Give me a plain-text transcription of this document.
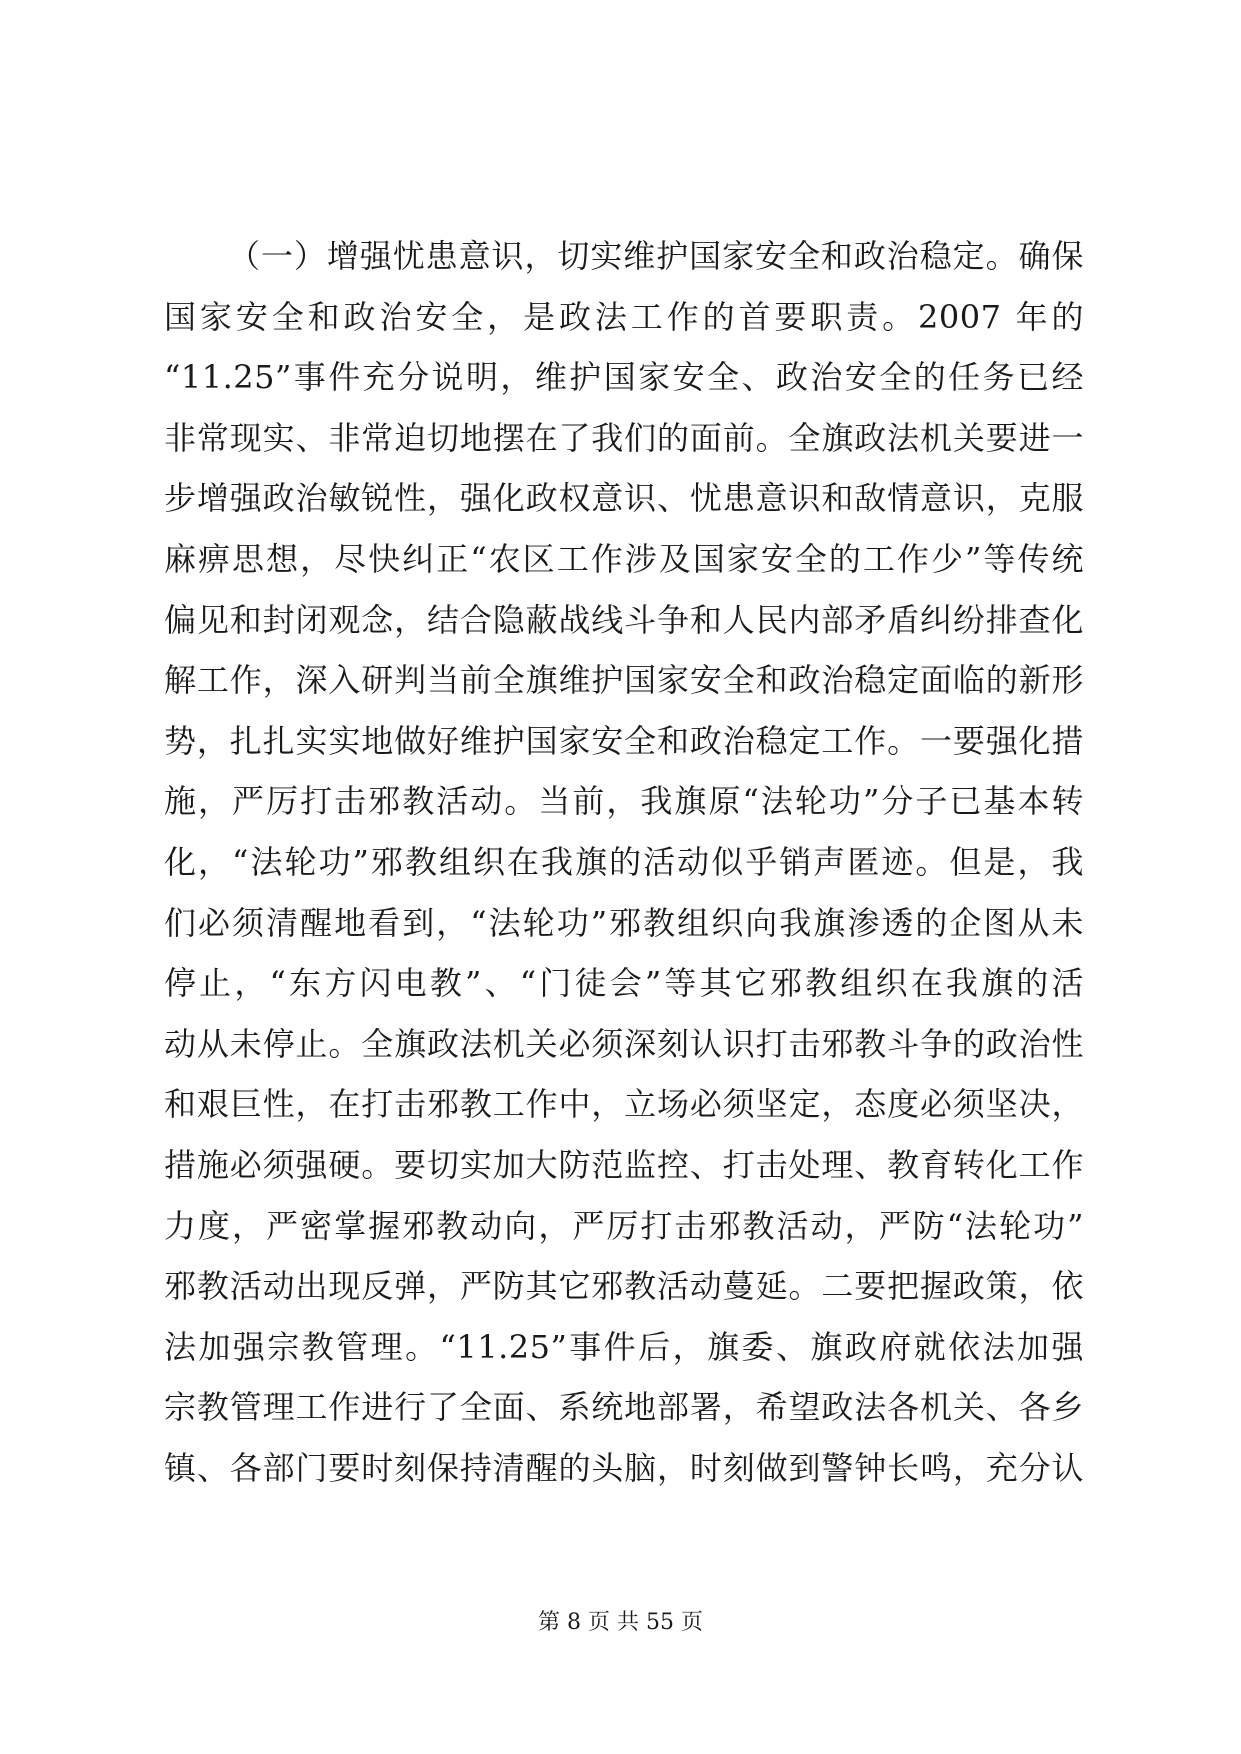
（一）增强忧患意识，切实维护国家安全和政治稳定。确保
国家安全和政治安全，是政法工作的首要职责。2007 年的
“11.25”事件充分说明，维护国家安全、政治安全的任务已经
非常现实、非常迫切地摆在了我们的面前。全旗政法机关要进一
步增强政治敏锐性，强化政权意识、忧患意识和敌情意识，克服
麻痹思想，尽快纠正“农区工作涉及国家安全的工作少”等传统
偏见和封闭观念，结合隐蔽战线斗争和人民内部矛盾纠纷排查化
解工作，深入研判当前全旗维护国家安全和政治稳定面临的新形
势，扎扎实实地做好维护国家安全和政治稳定工作。一要强化措
施，严厉打击邪教活动。当前，我旗原“法轮功”分子已基本转
化，“法轮功”邪教组织在我旗的活动似乎销声匿迹。但是，我
们必须清醒地看到，“法轮功”邪教组织向我旗渗透的企图从未
停止，“东方闪电教”、“门徒会”等其它邪教组织在我旗的活
动从未停止。全旗政法机关必须深刻认识打击邪教斗争的政治性
和艰巨性，在打击邪教工作中，立场必须坚定，态度必须坚决，
措施必须强硬。要切实加大防范监控、打击处理、教育转化工作
力度，严密掌握邪教动向，严厉打击邪教活动，严防“法轮功”
邪教活动出现反弹，严防其它邪教活动蔓延。二要把握政策，依
法加强宗教管理。“11.25”事件后，旗委、旗政府就依法加强
宗教管理工作进行了全面、系统地部署，希望政法各机关、各乡
镇、各部门要时刻保持清醒的头脑，时刻做到警钟长鸣，充分认
第 8 页 共 55 页
